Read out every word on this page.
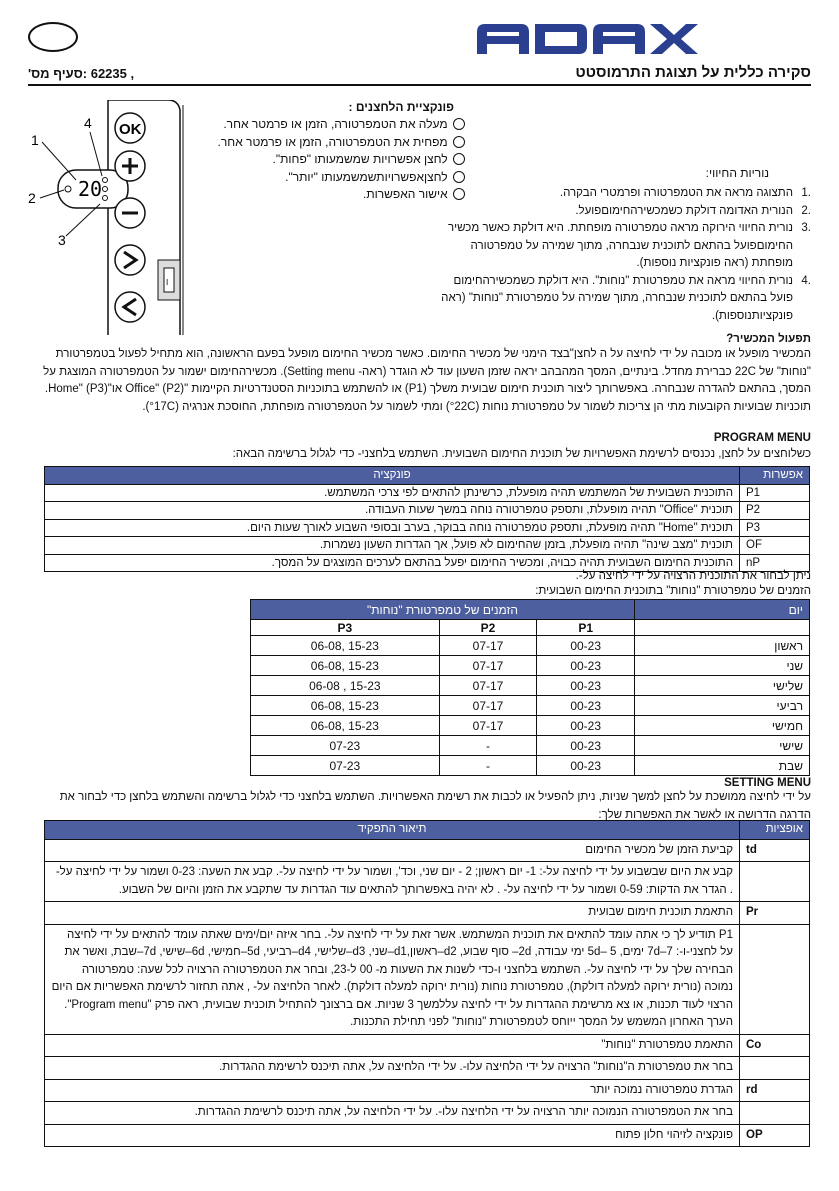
סקירה כללית על תצוגת התרמוסטט
, 62235 :סעיף מס'
I
20
1
4
2
3
OK
פונקציית הלחצנים :
מעלה את הטמפרטורה, הזמן או פרמטר אחר.
מפחית את הטמפרטורה, הזמן או פרמטר אחר.
לחצן אפשרויות שמשמעותו "פחות".
לחצןאפשרויותשמשמעותו "יותר".
אישור האפשרות.
נוריות החיווי:
.1
התצוגה מראה את הטמפרטורה ופרמטרי הבקרה.
.2
הנורית האדומה דולקת כשמכשירהחימוםפועל.
.3
נורית החיווי הירוקה מראה טמפרטורה מופחתת. היא דולקת כאשר מכשיר החימוםפועל בהתאם לתוכנית שנבחרה, מתוך שמירה על טמפרטורה מופחתת (ראה פונקציות נוספות).
.4
נורית החיווי מראה את טמפרטורת "נוחות". היא דולקת כשמכשירהחימום פועל בהתאם לתוכנית שנבחרה, מתוך שמירה על טמפרטורת "נוחות" (ראה פונקציותנוספות).
תפעול המכשיר?
המכשיר מופעל או מכובה על ידי לחיצה על ה לחצן"בצד הימני של מכשיר החימום. כאשר מכשיר החימום מופעל בפעם הראשונה, הוא מתחיל לפעול בטמפרטורת "נוחות" של 22C כברירת מחדל. בינתיים, המסך המהבהב יראה שזמן השעון עוד לא הוגדר (ראה- Setting menu). מכשירהחימום ישמור על הטמפרטורה המוצגת על המסך, בהתאם להגדרה שנבחרה. באפשרותך ליצור תוכנית חימום שבועית משלך (P1) או להשתמש בתוכניות הסטנדרטיות הקיימות "Office" (P2) או"Home" (P3). תוכניות שבועיות הקובעות מתי הן צריכות לשמור על טמפרטורת נוחות (22C°) ומתי לשמור על הטמפרטורה מופחתת, החוסכת אנרגיה (17C°).
PROGRAM MENU
כשלוחצים על לחצן, נכנסים לרשימת האפשרויות של תוכנית החימום השבועית. השתמש בלחצני- כדי לגלול ברשימה הבאה:
אפשרות	פונקציה
P1	התוכנית השבועית של המשתמש תהיה מופעלת, כרשינתן להתאים לפי צרכי המשתמש.
P2	תוכנית "Office" תהיה מופעלת, ותספק טמפרטורה נוחה במשך שעות העבודה.
P3	תוכנית "Home" תהיה מופעלת, ותספק טמפרטורה נוחה בבוקר, בערב ובסופי השבוע לאורך שעות היום.
OF	תוכנית "מצב שינה" תהיה מופעלת, בזמן שהחימום לא פועל, אך הגדרות השעון נשמרות.
nP	התוכנית החימום השבועית תהיה כבויה, ומכשיר החימום יפעל בהתאם לערכים המוצגים על המסך.
ניתן לבחור את התוכנית הרצויה על ידי לחיצה על-.
הזמנים של טמפרטורת "נוחות" בתוכנית החימום השבועית:
יום	הזמנים של טמפרטורת "נוחות"		
	P1	P2	P3
ראשון	00-23	07-17	15-23 ,06-08
שני	00-23	07-17	15-23 ,06-08
שלישי	00-23	07-17	15-23 , 06-08
רביעי	00-23	07-17	15-23 ,06-08
חמישי	00-23	07-17	15-23 ,06-08
שישי	00-23	-	07-23
שבת	00-23	-	07-23
SETTING MENU
על ידי לחיצה ממושכת על לחצן למשך שניות, ניתן להפעיל או לכבות את רשימת האפשרויות. השתמש בלחצני כדי לגלול ברשימה והשתמש בלחצן כדי לבחור את הדרגה הדרושה או לאשר את האפשרות שלך:
אופציות	תיאור התפקיד
td	קביעת הזמן של מכשיר החימום
	קבע את היום שבשבוע על ידי לחיצה על-: 1- יום ראשון; 2 - יום שני, וכד', ושמור על ידי לחיצה על-. קבע את השעה: 0-23 ושמור על ידי לחיצה על- . הגדר את הדקות: 0-59 ושמור על ידי לחיצה על- . לא יהיה באפשרותך להתאים עוד הגדרות עד שתקבע את הזמן והיום של השבוע.
Pr	התאמת תוכנית חימום שבועית
	P1 תודיע לך כי אתה עומד להתאים את תוכנית המשתמש. אשר זאת על ידי לחיצה על-. בחר איזה יום/ימים שאתה עומד להתאים על ידי לחיצה על לחצני-ו-: 7d–7 ימים, 5d– 5 ימי עבודה, 2d– סוף שבוע, d2–ראשון,d1–שני, d3–שלישי, d4–רביעי, 5d–חמישי, 6d–שישי, 7d–שבת, ואשר את הבחירה שלך על ידי לחיצה על-. השתמש בלחצני ו-כדי לשנות את השעות מ- 00 ל-23, ובחר את הטמפרטורה הרצויה לכל שעה: טמפרטורה נמוכה (נורית ירוקה למעלה דולקת), טמפרטורת נוחות (נורית ירוקה למעלה דולקת). לאחר הלחיצה על- , אתה תחזור לרשימת האפשריות אם היום הרצוי לעוד תכנות, או צא מרשימת ההגדרות על ידי לחיצה עללמשך 3 שניות. אם ברצונך להתחיל תוכנית שבועית, ראה פרק "Program menu". הערך האחרון המשמש על המסך ייוחס לטמפרטורת "נוחות" לפני תחילת התכנות.
Co	התאמת טמפרטורת "נוחות"
	בחר את טמפרטורת ה"נוחות" הרצויה על ידי הלחיצה עלו-. על ידי הלחיצה על, אתה תיכנס לרשימת ההגדרות.
rd	הגדרת טמפרטורה נמוכה יותר
	בחר את הטמפרטורה הנמוכה יותר הרצויה על ידי הלחיצה עלו-. על ידי הלחיצה על, אתה תיכנס לרשימת ההגדרות.
OP	פונקציה לזיהוי חלון פתוח
